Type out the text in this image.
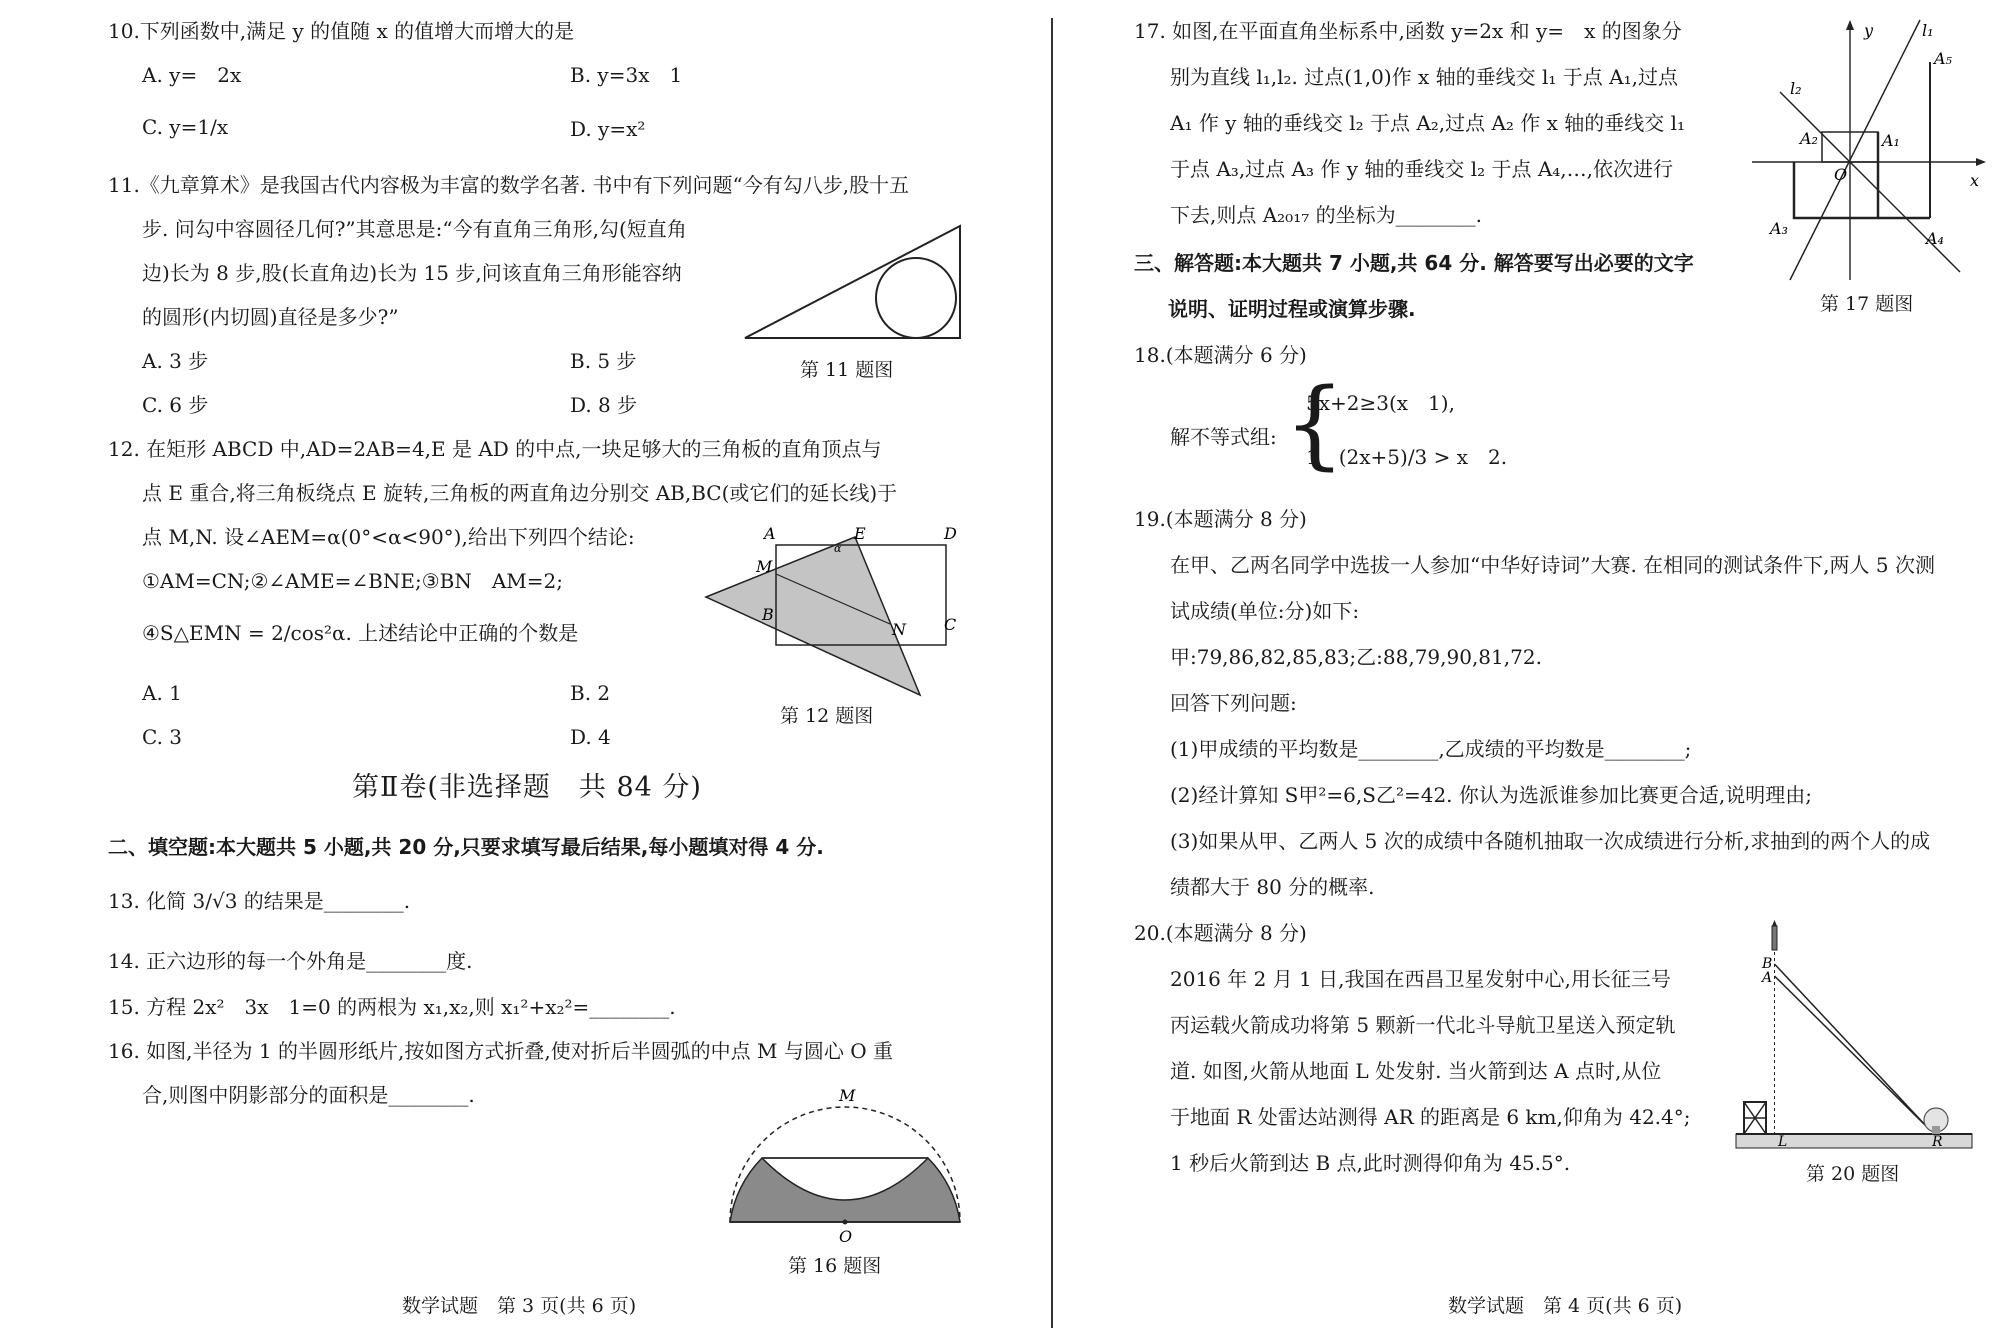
10.下列函数中,满足 y 的值随 x 的值增大而增大的是
A. y=　2x	B. y=3x　1
C. y=1/x	D. y=x²
11.《九章算术》是我国古代内容极为丰富的数学名著. 书中有下列问题“今有勾八步,股十五
步. 问勾中容圆径几何?”其意思是:“今有直角三角形,勾(短直角
边)长为 8 步,股(长直角边)长为 15 步,问该直角三角形能容纳
的圆形(内切圆)直径是多少?”
A. 3 步	B. 5 步
C. 6 步	D. 8 步
第 11 题图
12. 在矩形 ABCD 中,AD=2AB=4,E 是 AD 的中点,一块足够大的三角板的直角顶点与
点 E 重合,将三角板绕点 E 旋转,三角板的两直角边分别交 AB,BC(或它们的延长线)于
点 M,N. 设∠AEM=α(0°<α<90°),给出下列四个结论:
①AM=CN;②∠AME=∠BNE;③BN　AM=2;
④S△EMN = 2/cos²α. 上述结论中正确的个数是
A. 1	B. 2
C. 3	D. 4
A	E	D
M
B
N C
α
第 12 题图
第Ⅱ卷(非选择题　共 84 分)
二、填空题:本大题共 5 小题,共 20 分,只要求填写最后结果,每小题填对得 4 分.
13. 化简 3/√3 的结果是________.
14. 正六边形的每一个外角是________度.
15. 方程 2x²　3x　1=0 的两根为 x₁,x₂,则 x₁²+x₂²=________.
16. 如图,半径为 1 的半圆形纸片,按如图方式折叠,使对折后半圆弧的中点 M 与圆心 O 重
合,则图中阴影部分的面积是________.	M
O
第 16 题图
数学试题　第 3 页(共 6 页)
17. 如图,在平面直角坐标系中,函数 y=2x 和 y=　x 的图象分
别为直线 l₁,l₂. 过点(1,0)作 x 轴的垂线交 l₁ 于点 A₁,过点
A₁ 作 y 轴的垂线交 l₂ 于点 A₂,过点 A₂ 作 x 轴的垂线交 l₁
于点 A₃,过点 A₃ 作 y 轴的垂线交 l₂ 于点 A₄,…,依次进行
下去,则点 A₂₀₁₇ 的坐标为________.
y
x
O
l₁
l₂
A₁
A₂
A₃
A₄
A₅
第 17 题图
三、解答题:本大题共 7 小题,共 64 分. 解答要写出必要的文字
说明、证明过程或演算步骤.
18.(本题满分 6 分)
解不等式组: {
5x+2≥3(x　1),
1　(2x+5)/3 > x　2.
19.(本题满分 8 分)
在甲、乙两名同学中选拔一人参加“中华好诗词”大赛. 在相同的测试条件下,两人 5 次测
试成绩(单位:分)如下:
甲:79,86,82,85,83;乙:88,79,90,81,72.
回答下列问题:
(1)甲成绩的平均数是________,乙成绩的平均数是________;
(2)经计算知 S甲²=6,S乙²=42. 你认为选派谁参加比赛更合适,说明理由;
(3)如果从甲、乙两人 5 次的成绩中各随机抽取一次成绩进行分析,求抽到的两个人的成
绩都大于 80 分的概率.
20.(本题满分 8 分)
2016 年 2 月 1 日,我国在西昌卫星发射中心,用长征三号
丙运载火箭成功将第 5 颗新一代北斗导航卫星送入预定轨
道. 如图,火箭从地面 L 处发射. 当火箭到达 A 点时,从位
于地面 R 处雷达站测得 AR 的距离是 6 km,仰角为 42.4°;
1 秒后火箭到达 B 点,此时测得仰角为 45.5°.
B
A
L	R
第 20 题图
数学试题　第 4 页(共 6 页)
